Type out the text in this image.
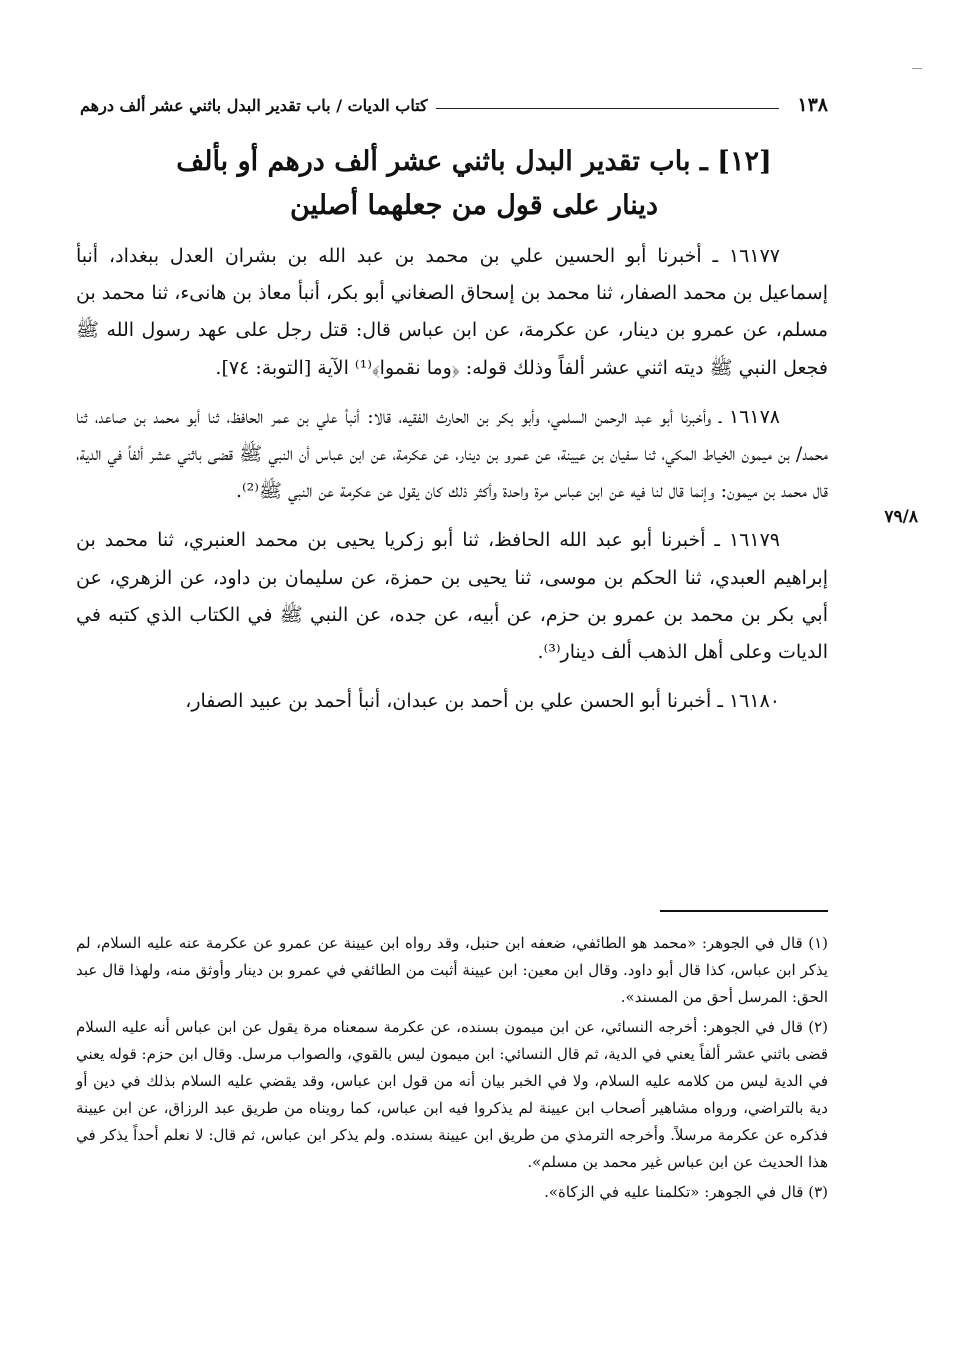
١٣٨
كتاب الديات / باب تقدير البدل باثني عشر ألف درهم
[١٢] ـ باب تقدير البدل باثني عشر ألف درهم أو بألف
دينار على قول من جعلهما أصلين
٧٩/٨

١٦١٧٧ ـ أخبرنا أبو الحسين علي بن محمد بن عبد الله بن بشران العدل ببغداد، أنبأ إسماعيل بن محمد الصفار، ثنا محمد بن إسحاق الصغاني أبو بكر، أنبأ معاذ بن هانىء، ثنا محمد بن مسلم، عن عمرو بن دينار، عن عكرمة، عن ابن عباس قال: قتل رجل على عهد رسول الله ﷺ فجعل النبي ﷺ ديته اثني عشر ألفاً وذلك قوله: ﴿وما نقموا﴾⁽¹⁾ الآية [التوبة: ٧٤].

١٦١٧٨ ـ وأخبرنا أبو عبد الرحمن السلمي، وأبو بكر بن الحارث الفقيه، قالا: أنبأ علي بن عمر الحافظ، ثنا أبو محمد بن صاعد، ثنا محمد/ بن ميمون الخياط المكي، ثنا سفيان بن عيينة، عن عمرو بن دينار، عن عكرمة، عن ابن عباس أن النبي ﷺ قضى باثني عشر ألفاً في الدية، قال محمد بن ميمون: وإنما قال لنا فيه عن ابن عباس مرة واحدة وأكثر ذلك كان يقول عن عكرمة عن النبي ﷺ⁽²⁾.

١٦١٧٩ ـ أخبرنا أبو عبد الله الحافظ، ثنا أبو زكريا يحيى بن محمد العنبري، ثنا محمد بن إبراهيم العبدي، ثنا الحكم بن موسى، ثنا يحيى بن حمزة، عن سليمان بن داود، عن الزهري، عن أبي بكر بن محمد بن عمرو بن حزم، عن أبيه، عن جده، عن النبي ﷺ في الكتاب الذي كتبه في الديات وعلى أهل الذهب ألف دينار⁽³⁾.

١٦١٨٠ ـ أخبرنا أبو الحسن علي بن أحمد بن عبدان، أنبأ أحمد بن عبيد الصفار،

(١) قال في الجوهر: «محمد هو الطائفي، ضعفه ابن حنبل، وقد رواه ابن عيينة عن عمرو عن عكرمة عنه عليه السلام، لم يذكر ابن عباس، كذا قال أبو داود. وقال ابن معين: ابن عيينة أثبت من الطائفي في عمرو بن دينار وأوثق منه، ولهذا قال عبد الحق: المرسل أحق من المسند».

(٢) قال في الجوهر: أخرجه النسائي، عن ابن ميمون بسنده، عن عكرمة سمعناه مرة يقول عن ابن عباس أنه عليه السلام قضى باثني عشر ألفاً يعني في الدية، ثم قال النسائي: ابن ميمون ليس بالقوي، والصواب مرسل. وقال ابن حزم: قوله يعني في الدية ليس من كلامه عليه السلام، ولا في الخبر بيان أنه من قول ابن عباس، وقد يقضي عليه السلام بذلك في دين أو دية بالتراضي، ورواه مشاهير أصحاب ابن عيينة لم يذكروا فيه ابن عباس، كما رويناه من طريق عبد الرزاق، عن ابن عيينة فذكره عن عكرمة مرسلاً. وأخرجه الترمذي من طريق ابن عيينة بسنده. ولم يذكر ابن عباس، ثم قال: لا نعلم أحداً يذكر في هذا الحديث عن ابن عباس غير محمد بن مسلم».

(٣) قال في الجوهر: «تكلمنا عليه في الزكاة».
